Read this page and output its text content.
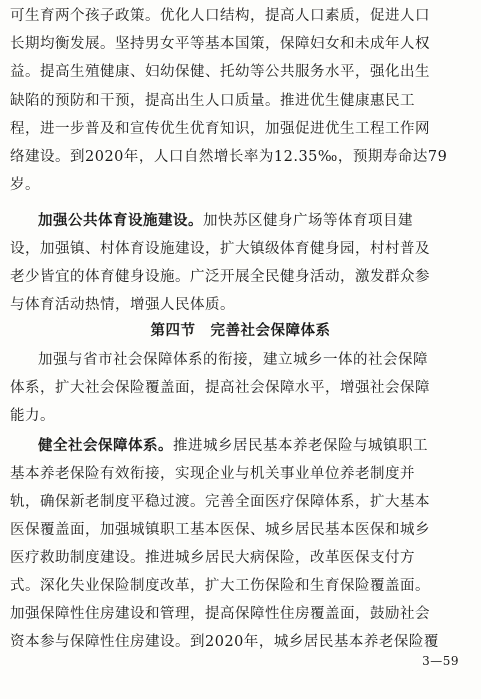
可生育两个孩子政策。优化人口结构，提高人口素质，促进人口
长期均衡发展。坚持男女平等基本国策，保障妇女和未成年人权
益。提高生殖健康、妇幼保健、托幼等公共服务水平，强化出生
缺陷的预防和干预，提高出生人口质量。推进优生健康惠民工
程，进一步普及和宣传优生优育知识，加强促进优生工程工作网
络建设。到2020年，人口自然增长率为12.35‰，预期寿命达79
岁。
加强公共体育设施建设。加快苏区健身广场等体育项目建
设，加强镇、村体育设施建设，扩大镇级体育健身园，村村普及
老少皆宜的体育健身设施。广泛开展全民健身活动，激发群众参
与体育活动热情，增强人民体质。
第四节　完善社会保障体系
加强与省市社会保障体系的衔接，建立城乡一体的社会保障
体系，扩大社会保险覆盖面，提高社会保障水平，增强社会保障
能力。
健全社会保障体系。推进城乡居民基本养老保险与城镇职工
基本养老保险有效衔接，实现企业与机关事业单位养老制度并
轨，确保新老制度平稳过渡。完善全面医疗保障体系，扩大基本
医保覆盖面，加强城镇职工基本医保、城乡居民基本医保和城乡
医疗救助制度建设。推进城乡居民大病保险，改革医保支付方
式。深化失业保险制度改革，扩大工伤保险和生育保险覆盖面。
加强保障性住房建设和管理，提高保障性住房覆盖面，鼓励社会
资本参与保障性住房建设。到2020年，城乡居民基本养老保险覆
3—59
